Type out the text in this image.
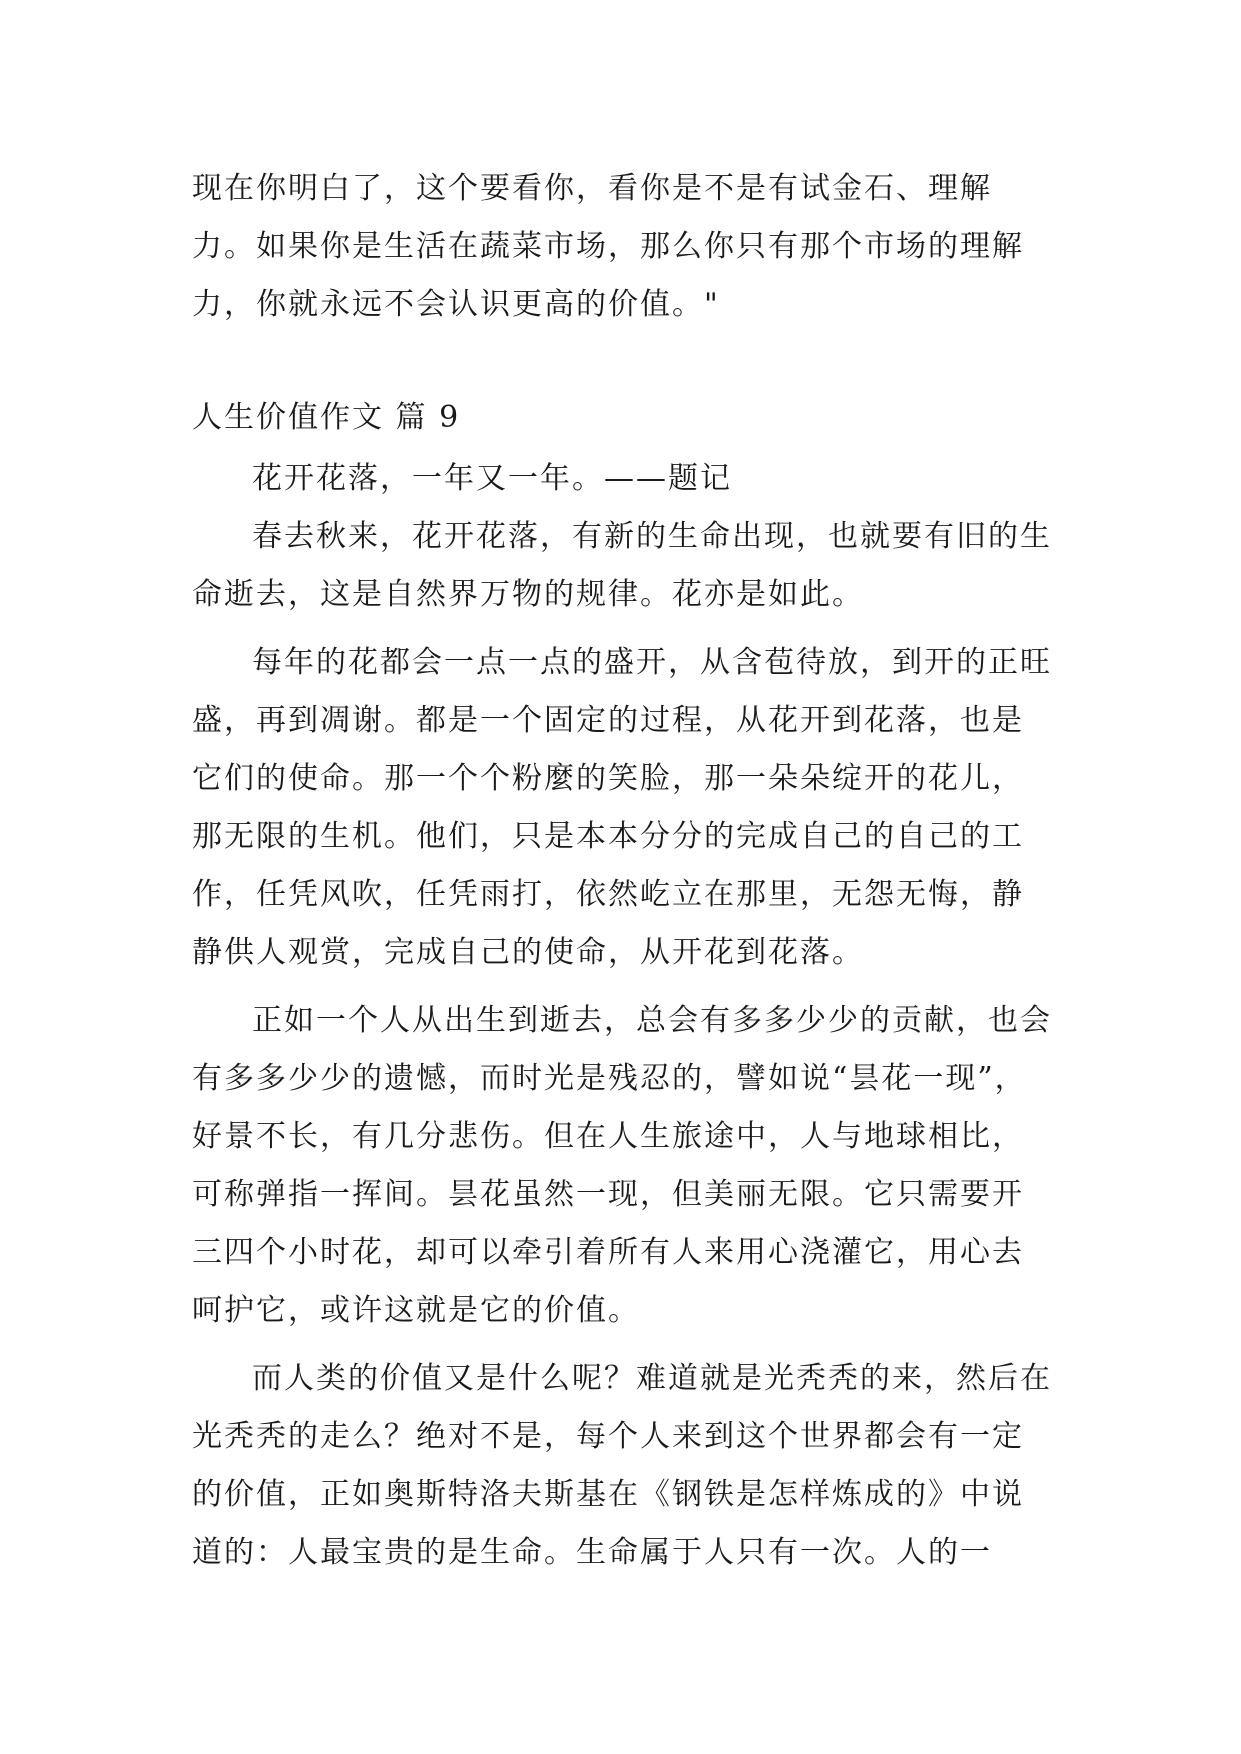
现在你明白了，这个要看你，看你是不是有试金石、理解力。如果你是生活在蔬菜市场，那么你只有那个市场的理解力，你就永远不会认识更高的价值。"

人生价值作文 篇 9

花开花落，一年又一年。——题记

春去秋来，花开花落，有新的生命出现，也就要有旧的生命逝去，这是自然界万物的规律。花亦是如此。

每年的花都会一点一点的盛开，从含苞待放，到开的正旺盛，再到凋谢。都是一个固定的过程，从花开到花落，也是它们的使命。那一个个粉麼的笑脸，那一朵朵绽开的花儿，那无限的生机。他们，只是本本分分的完成自己的自己的工作，任凭风吹，任凭雨打，依然屹立在那里，无怨无悔，静静供人观赏，完成自己的使命，从开花到花落。

正如一个人从出生到逝去，总会有多多少少的贡献，也会有多多少少的遗憾，而时光是残忍的，譬如说“昙花一现”，好景不长，有几分悲伤。但在人生旅途中，人与地球相比，可称弹指一挥间。昙花虽然一现，但美丽无限。它只需要开三四个小时花，却可以牵引着所有人来用心浇灌它，用心去呵护它，或许这就是它的价值。

而人类的价值又是什么呢？难道就是光秃秃的来，然后在光秃秃的走么？绝对不是，每个人来到这个世界都会有一定的价值，正如奥斯特洛夫斯基在《钢铁是怎样炼成的》中说道的：人最宝贵的是生命。生命属于人只有一次。人的一
